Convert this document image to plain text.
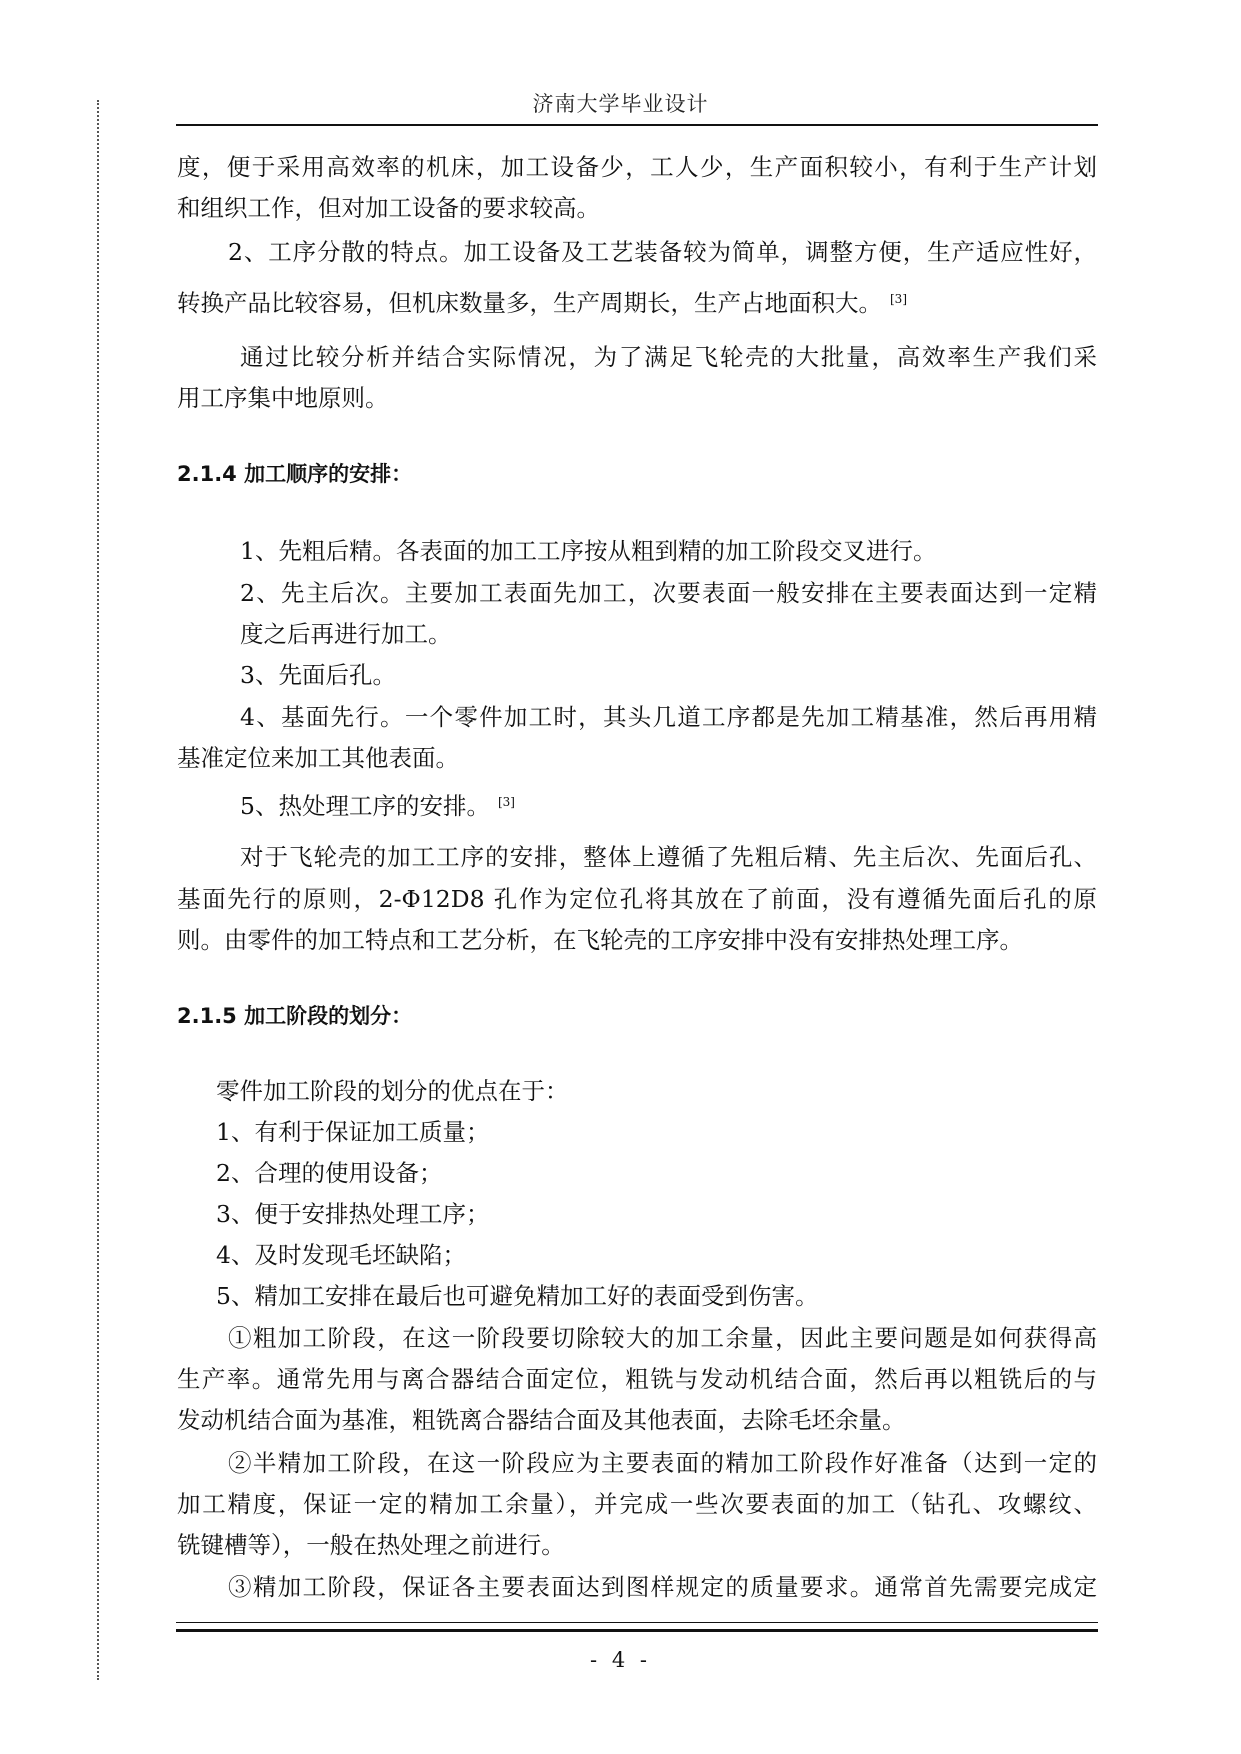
济南大学毕业设计
度，便于采用高效率的机床，加工设备少，工人少，生产面积较小，有利于生产计划
和组织工作，但对加工设备的要求较高。
2、工序分散的特点。加工设备及工艺装备较为简单，调整方便，生产适应性好，
转换产品比较容易，但机床数量多，生产周期长，生产占地面积大。 [3]
通过比较分析并结合实际情况，为了满足飞轮壳的大批量，高效率生产我们采
用工序集中地原则。
2.1.4 加工顺序的安排：
1、先粗后精。各表面的加工工序按从粗到精的加工阶段交叉进行。
2、先主后次。主要加工表面先加工，次要表面一般安排在主要表面达到一定精
度之后再进行加工。
3、先面后孔。
4、基面先行。一个零件加工时，其头几道工序都是先加工精基准，然后再用精
基准定位来加工其他表面。
5、热处理工序的安排。 [3]
对于飞轮壳的加工工序的安排，整体上遵循了先粗后精、先主后次、先面后孔、
基面先行的原则，2-Φ12D8 孔作为定位孔将其放在了前面，没有遵循先面后孔的原
则。由零件的加工特点和工艺分析，在飞轮壳的工序安排中没有安排热处理工序。
2.1.5 加工阶段的划分：
零件加工阶段的划分的优点在于：
1、有利于保证加工质量；
2、合理的使用设备；
3、便于安排热处理工序；
4、及时发现毛坯缺陷；
5、精加工安排在最后也可避免精加工好的表面受到伤害。
①粗加工阶段，在这一阶段要切除较大的加工余量，因此主要问题是如何获得高
生产率。通常先用与离合器结合面定位，粗铣与发动机结合面，然后再以粗铣后的与
发动机结合面为基准，粗铣离合器结合面及其他表面，去除毛坯余量。
②半精加工阶段，在这一阶段应为主要表面的精加工阶段作好准备（达到一定的
加工精度，保证一定的精加工余量），并完成一些次要表面的加工（钻孔、攻螺纹、
铣键槽等），一般在热处理之前进行。
③精加工阶段，保证各主要表面达到图样规定的质量要求。通常首先需要完成定
- 4 -
